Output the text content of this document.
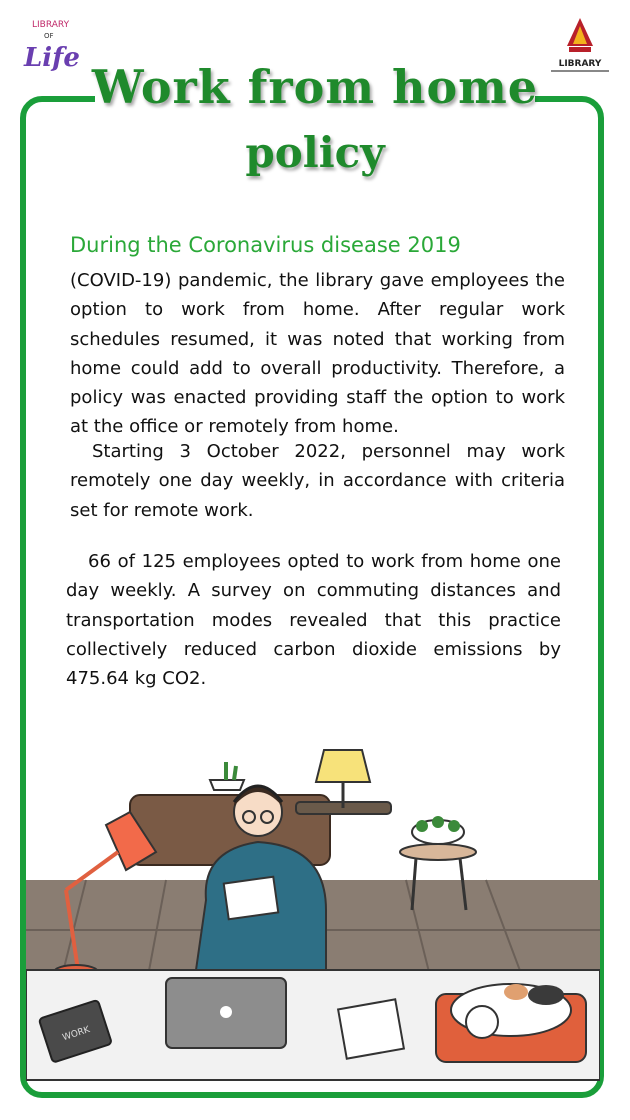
LIBRARY
OF
Life	LIBRARY
Work from home
policy
During the Coronavirus disease 2019
(COVID-19) pandemic, the library gave employees the option to work from home. After regular work schedules resumed, it was noted that working from home could add to overall productivity. Therefore, a policy was enacted providing staff the option to work at the office or remotely from home.
Starting 3 October 2022, personnel may work remotely one day weekly, in accordance with criteria set for remote work.
66 of 125 employees opted to work from home one day weekly. A survey on commuting distances and transportation modes revealed that this practice collectively reduced carbon dioxide emissions by 475.64 kg CO2.
WORK
